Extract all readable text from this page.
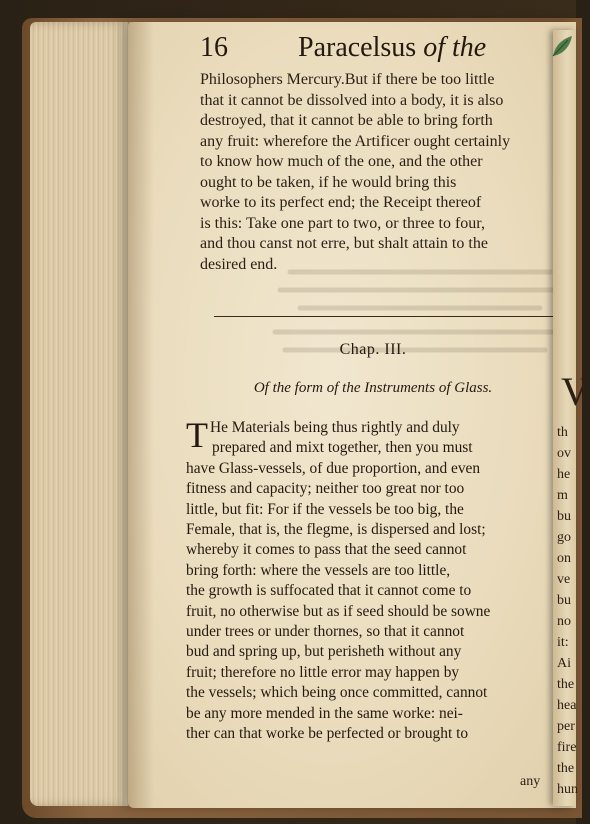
16	Paracelsus of the
Philosophers Mercury.But if there be too little
that it cannot be dissolved into a body, it is also
destroyed, that it cannot be able to bring forth
any fruit: wherefore the Artificer ought certainly
to know how much of the one, and the other
ought to be taken, if he would bring this
worke to its perfect end; the Receipt thereof
is this: Take one part to two, or three to four,
and thou canst not erre, but shalt attain to the
desired end.
Chap. III.
Of the form of the Instruments of Glass.
T He Materials being thus rightly and duly
prepared and mixt together, then you must
have Glass-vessels, of due proportion, and even
fitness and capacity; neither too great nor too
little, but fit: For if the vessels be too big, the
Female, that is, the flegme, is dispersed and lost;
whereby it comes to pass that the seed cannot
bring forth: where the vessels are too little,
the growth is suffocated that it cannot come to
fruit, no otherwise but as if seed should be sowne
under trees or under thornes, so that it cannot
bud and spring up, but perisheth without any
fruit; therefore no little error may happen by
the vessels; which being once committed, cannot
be any more mended in the same worke: nei-
ther can that worke be perfected or brought to
any
V
th
ov
he
m
bu
go
on
ve
bu
no
it:
Ai
the
hea
per
fire
the
hun
